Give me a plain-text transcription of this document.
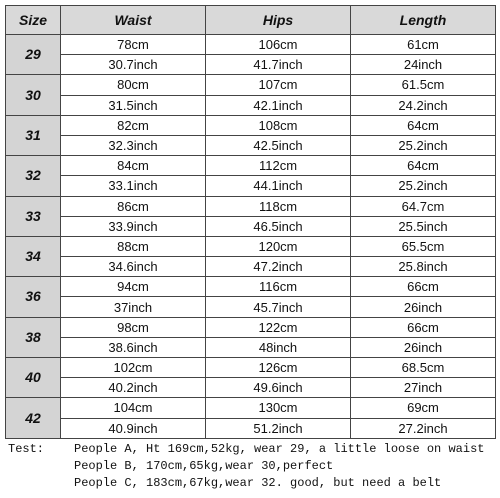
Size	Waist	Hips	Length
29	78cm	106cm	61cm
	30.7inch	41.7inch	24inch
30	80cm	107cm	61.5cm
	31.5inch	42.1inch	24.2inch
31	82cm	108cm	64cm
	32.3inch	42.5inch	25.2inch
32	84cm	112cm	64cm
	33.1inch	44.1inch	25.2inch
33	86cm	118cm	64.7cm
	33.9inch	46.5inch	25.5inch
34	88cm	120cm	65.5cm
	34.6inch	47.2inch	25.8inch
36	94cm	116cm	66cm
	37inch	45.7inch	26inch
38	98cm	122cm	66cm
	38.6inch	48inch	26inch
40	102cm	126cm	68.5cm
	40.2inch	49.6inch	27inch
42	104cm	130cm	69cm
	40.9inch	51.2inch	27.2inch
Test: People A, Ht 169cm,52kg, wear 29, a little loose on waist
People B, 170cm,65kg,wear 30,perfect
People C, 183cm,67kg,wear 32. good, but need a belt
